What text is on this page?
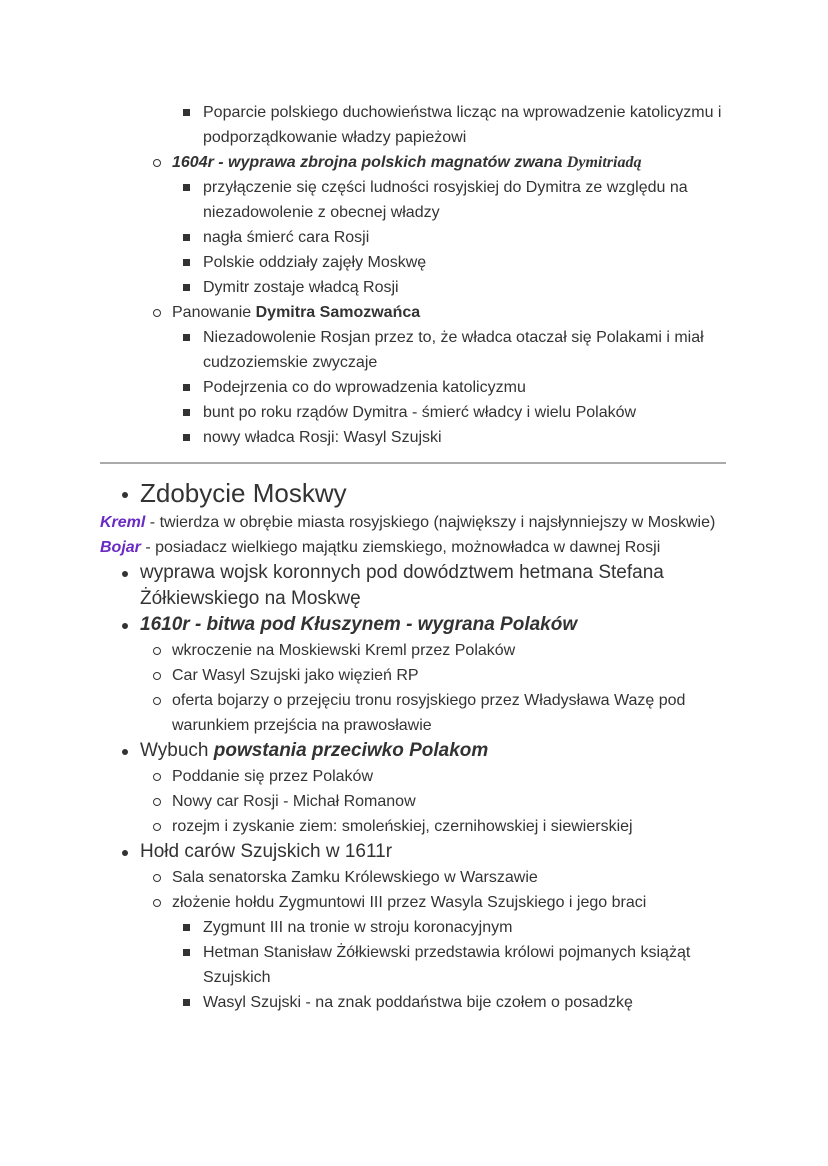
Poparcie polskiego duchowieństwa licząc na wprowadzenie katolicyzmu i podporządkowanie władzy papieżowi
1604r - wyprawa zbrojna polskich magnatów zwana Dymitriadą
przyłączenie się części ludności rosyjskiej do Dymitra ze względu na niezadowolenie z obecnej władzy
nagła śmierć cara Rosji
Polskie oddziały zajęły Moskwę
Dymitr zostaje władcą Rosji
Panowanie Dymitra Samozwańca
Niezadowolenie Rosjan przez to, że władca otaczał się Polakami i miał cudzoziemskie zwyczaje
Podejrzenia co do wprowadzenia katolicyzmu
bunt po roku rządów Dymitra - śmierć władcy i wielu Polaków
nowy władca Rosji: Wasyl Szujski
Zdobycie Moskwy
Kreml - twierdza w obrębie miasta rosyjskiego (największy i najsłynniejszy w Moskwie)
Bojar - posiadacz wielkiego majątku ziemskiego, możnowładca w dawnej Rosji
wyprawa wojsk koronnych pod dowództwem hetmana Stefana Żółkiewskiego na Moskwę
1610r - bitwa pod Kłuszynem - wygrana Polaków
wkroczenie na Moskiewski Kreml przez Polaków
Car Wasyl Szujski jako więzień RP
oferta bojarzy o przejęciu tronu rosyjskiego przez Władysława Wazę pod warunkiem przejścia na prawosławie
Wybuch powstania przeciwko Polakom
Poddanie się przez Polaków
Nowy car Rosji - Michał Romanow
rozejm i zyskanie ziem: smoleńskiej, czernihowskiej i siewierskiej
Hołd carów Szujskich w 1611r
Sala senatorska Zamku Królewskiego w Warszawie
złożenie hołdu Zygmuntowi III przez Wasyla Szujskiego i jego braci
Zygmunt III na tronie w stroju koronacyjnym
Hetman Stanisław Żółkiewski przedstawia królowi pojmanych książąt Szujskich
Wasyl Szujski - na znak poddaństwa bije czołem o posadzkę
